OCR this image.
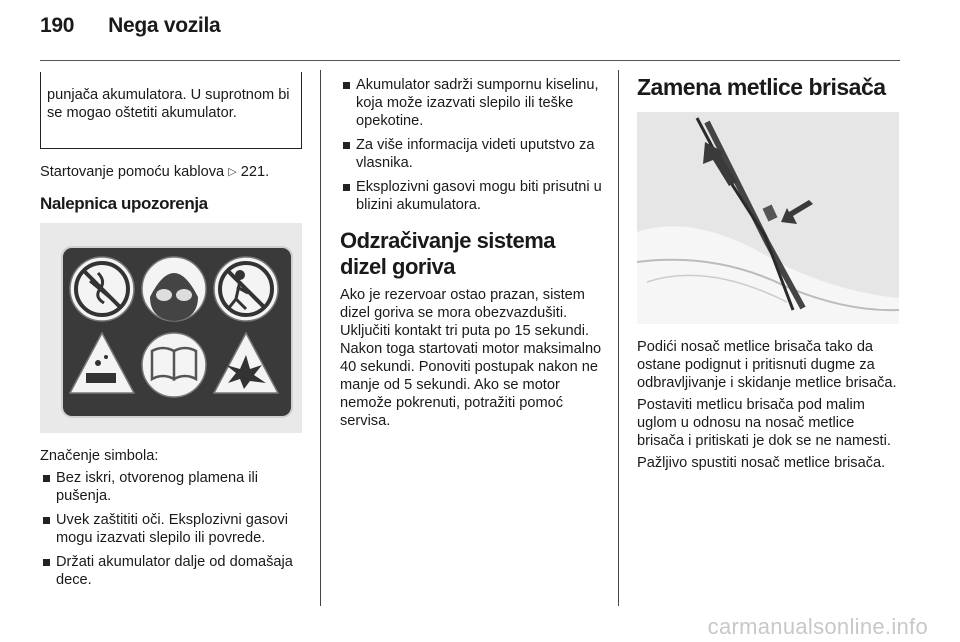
190 Nega vozila
punjača akumulatora. U suprotnom bi se mogao oštetiti akumulator.

Startovanje pomoću kablova ▷ 221.

Nalepnica upozorenja

Značenje simbola:

Bez iskri, otvorenog plamena ili pušenja.
Uvek zaštititi oči. Eksplozivni gasovi mogu izazvati slepilo ili povrede.
Držati akumulator dalje od domašaja dece.
Akumulator sadrži sumpornu kiselinu, koja može izazvati slepilo ili teške opekotine.
Za više informacija videti uputstvo za vlasnika.
Eksplozivni gasovi mogu biti prisutni u blizini akumulatora.
Odzračivanje sistema dizel goriva

Ako je rezervoar ostao prazan, sistem dizel goriva se mora obezvazdušiti. Uključiti kontakt tri puta po 15 sekundi. Nakon toga startovati motor maksimalno 40 sekundi. Ponoviti postupak nakon ne manje od 5 sekundi. Ako se motor nemože pokrenuti, potražiti pomoć servisa.

Zamena metlice brisača

Podići nosač metlice brisača tako da ostane podignut i pritisnuti dugme za odbravljivanje i skidanje metlice brisača.

Postaviti metlicu brisača pod malim uglom u odnosu na nosač metlice brisača i pritiskati je dok se ne namesti.

Pažljivo spustiti nosač metlice brisača.

carmanualsonline.info
